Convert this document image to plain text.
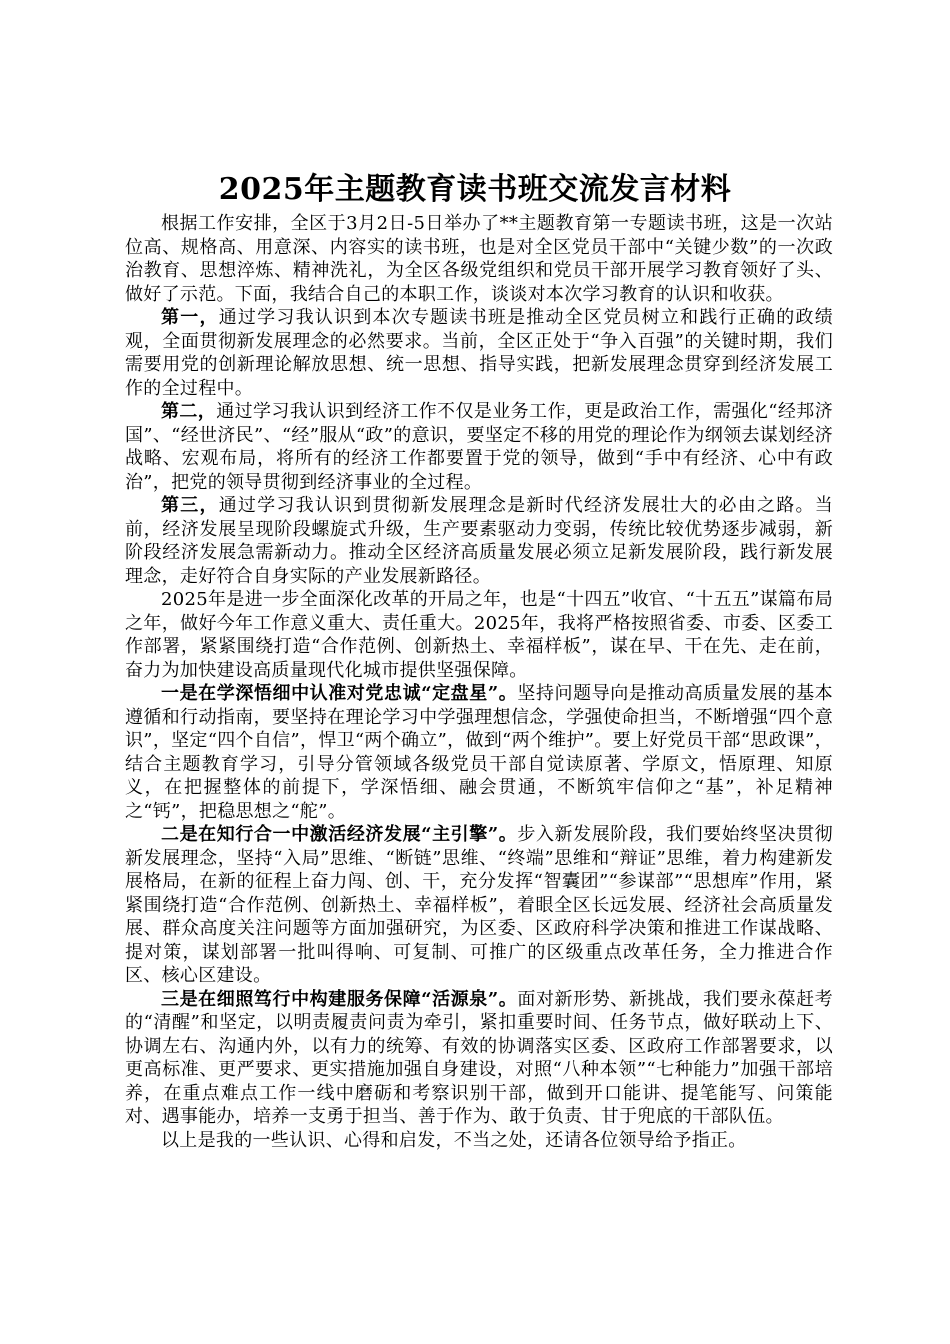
2025年主题教育读书班交流发言材料

根据工作安排，全区于3月2日-5日举办了**主题教育第一专题读书班，这是一次站位高、规格高、用意深、内容实的读书班，也是对全区党员干部中“关键少数”的一次政治教育、思想淬炼、精神洗礼，为全区各级党组织和党员干部开展学习教育领好了头、做好了示范。下面，我结合自己的本职工作，谈谈对本次学习教育的认识和收获。

第一，通过学习我认识到本次专题读书班是推动全区党员树立和践行正确的政绩观，全面贯彻新发展理念的必然要求。当前，全区正处于“争入百强”的关键时期，我们需要用党的创新理论解放思想、统一思想、指导实践，把新发展理念贯穿到经济发展工作的全过程中。

第二，通过学习我认识到经济工作不仅是业务工作，更是政治工作，需强化“经邦济国”、“经世济民”、“经”服从“政”的意识，要坚定不移的用党的理论作为纲领去谋划经济战略、宏观布局，将所有的经济工作都要置于党的领导，做到“手中有经济、心中有政治”，把党的领导贯彻到经济事业的全过程。

第三，通过学习我认识到贯彻新发展理念是新时代经济发展壮大的必由之路。当前，经济发展呈现阶段螺旋式升级，生产要素驱动力变弱，传统比较优势逐步减弱，新阶段经济发展急需新动力。推动全区经济高质量发展必须立足新发展阶段，践行新发展理念，走好符合自身实际的产业发展新路径。

2025年是进一步全面深化改革的开局之年，也是“十四五”收官、“十五五”谋篇布局之年，做好今年工作意义重大、责任重大。2025年，我将严格按照省委、市委、区委工作部署，紧紧围绕打造“合作范例、创新热土、幸福样板”，谋在早、干在先、走在前，奋力为加快建设高质量现代化城市提供坚强保障。

一是在学深悟细中认准对党忠诚“定盘星”。坚持问题导向是推动高质量发展的基本遵循和行动指南，要坚持在理论学习中学强理想信念，学强使命担当，不断增强“四个意识”，坚定“四个自信”，悍卫“两个确立”，做到“两个维护”。要上好党员干部“思政课”，结合主题教育学习，引导分管领域各级党员干部自觉读原著、学原文，悟原理、知原义，在把握整体的前提下，学深悟细、融会贯通，不断筑牢信仰之“基”，补足精神之“钙”，把稳思想之“舵”。

二是在知行合一中激活经济发展“主引擎”。步入新发展阶段，我们要始终坚决贯彻新发展理念，坚持“入局”思维、“断链”思维、“终端”思维和“辩证”思维，着力构建新发展格局，在新的征程上奋力闯、创、干，充分发挥“智囊团”“参谋部”“思想库”作用，紧紧围绕打造“合作范例、创新热土、幸福样板”，着眼全区长远发展、经济社会高质量发展、群众高度关注问题等方面加强研究，为区委、区政府科学决策和推进工作谋战略、提对策，谋划部署一批叫得响、可复制、可推广的区级重点改革任务，全力推进合作区、核心区建设。

三是在细照笃行中构建服务保障“活源泉”。面对新形势、新挑战，我们要永葆赶考的“清醒”和坚定，以明责履责问责为牵引，紧扣重要时间、任务节点，做好联动上下、协调左右、沟通内外，以有力的统筹、有效的协调落实区委、区政府工作部署要求，以更高标准、更严要求、更实措施加强自身建设，对照“八种本领”“七种能力”加强干部培养，在重点难点工作一线中磨砺和考察识别干部，做到开口能讲、提笔能写、问策能对、遇事能办，培养一支勇于担当、善于作为、敢于负责、甘于兜底的干部队伍。

以上是我的一些认识、心得和启发，不当之处，还请各位领导给予指正。
